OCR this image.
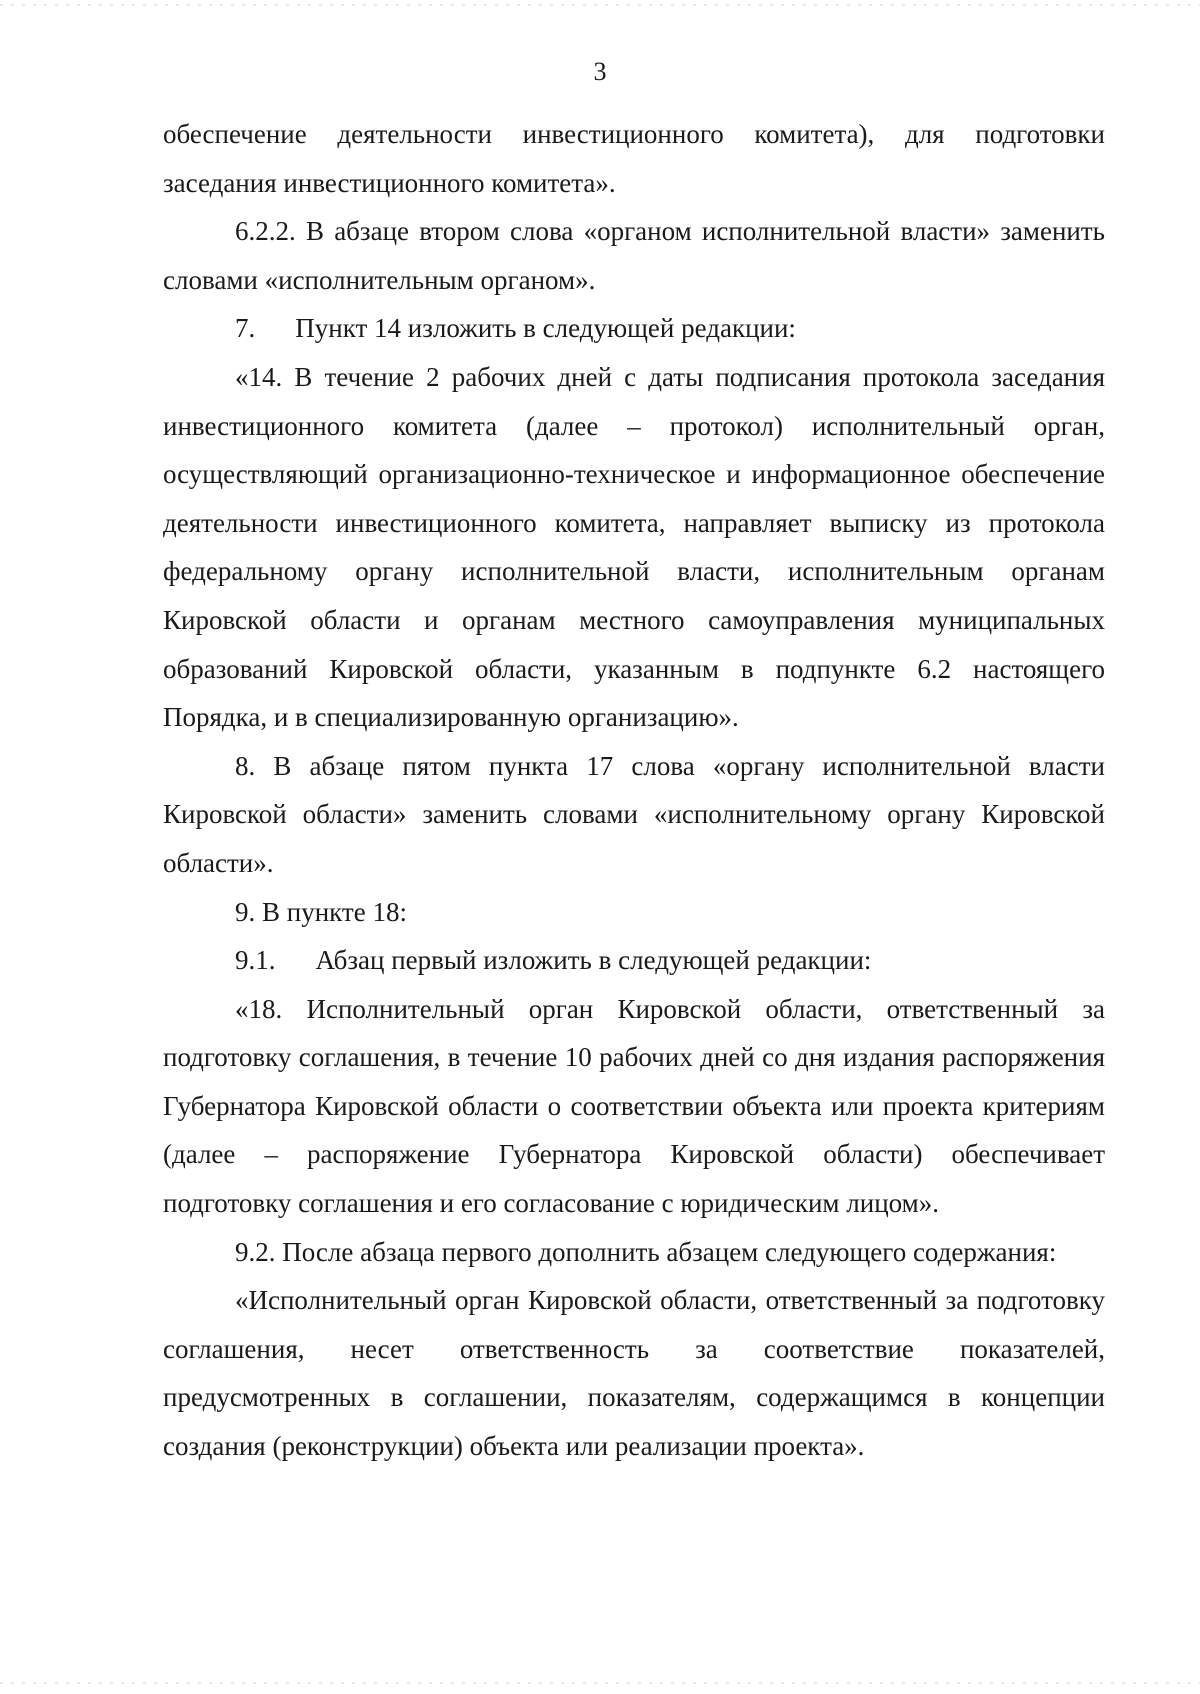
3

обеспечение деятельности инвестиционного комитета), для подготовки заседания инвестиционного комитета».

6.2.2. В абзаце втором слова «органом исполнительной власти» заменить словами «исполнительным органом».

7. Пункт 14 изложить в следующей редакции:

«14. В течение 2 рабочих дней с даты подписания протокола заседания инвестиционного комитета (далее – протокол) исполнительный орган, осуществляющий организационно-техническое и информационное обеспечение деятельности инвестиционного комитета, направляет выписку из протокола федеральному органу исполнительной власти, исполнительным органам Кировской области и органам местного самоуправления муниципальных образований Кировской области, указанным в подпункте 6.2 настоящего Порядка, и в специализированную организацию».

8. В абзаце пятом пункта 17 слова «органу исполнительной власти Кировской области» заменить словами «исполнительному органу Кировской области».

9. В пункте 18:

9.1. Абзац первый изложить в следующей редакции:

«18. Исполнительный орган Кировской области, ответственный за подготовку соглашения, в течение 10 рабочих дней со дня издания распоряжения Губернатора Кировской области о соответствии объекта или проекта критериям (далее – распоряжение Губернатора Кировской области) обеспечивает подготовку соглашения и его согласование с юридическим лицом».

9.2. После абзаца первого дополнить абзацем следующего содержания:

«Исполнительный орган Кировской области, ответственный за подготовку соглашения, несет ответственность за соответствие показателей, предусмотренных в соглашении, показателям, содержащимся в концепции создания (реконструкции) объекта или реализации проекта».
